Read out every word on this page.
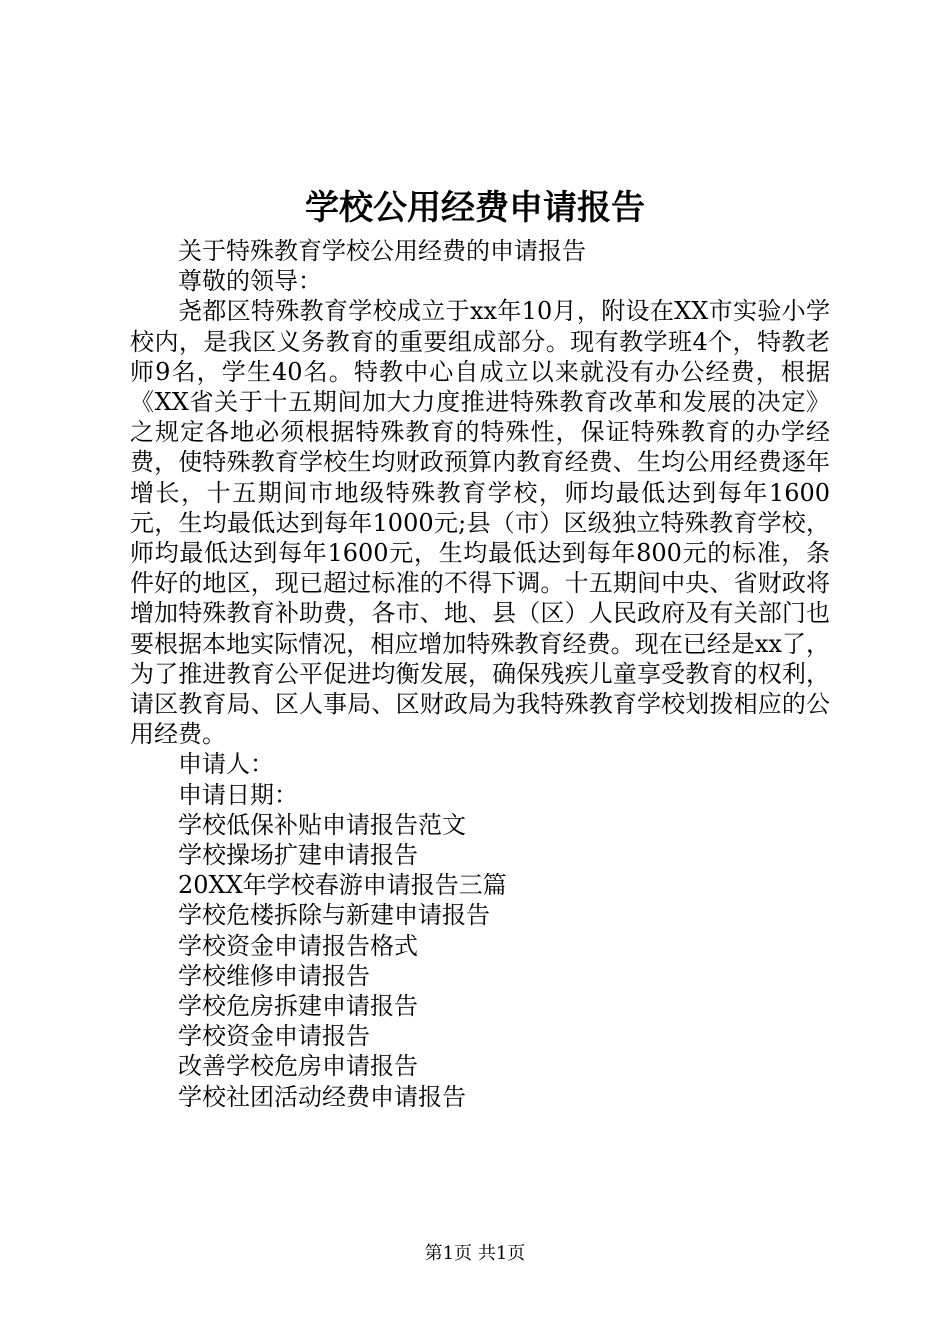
学校公用经费申请报告

关于特殊教育学校公用经费的申请报告

尊敬的领导：

尧都区特殊教育学校成立于xx年10月，附设在XX市实验小学校内，是我区义务教育的重要组成部分。现有教学班4个，特教老师9名，学生40名。特教中心自成立以来就没有办公经费，根据《XX省关于十五期间加大力度推进特殊教育改革和发展的决定》之规定各地必须根据特殊教育的特殊性，保证特殊教育的办学经费，使特殊教育学校生均财政预算内教育经费、生均公用经费逐年增长，十五期间市地级特殊教育学校，师均最低达到每年1600元，生均最低达到每年1000元;县（市）区级独立特殊教育学校，师均最低达到每年1600元，生均最低达到每年800元的标准，条件好的地区，现已超过标准的不得下调。十五期间中央、省财政将增加特殊教育补助费，各市、地、县（区）人民政府及有关部门也要根据本地实际情况，相应增加特殊教育经费。现在已经是xx了，为了推进教育公平促进均衡发展，确保残疾儿童享受教育的权利，请区教育局、区人事局、区财政局为我特殊教育学校划拨相应的公用经费。

申请人：

申请日期：

学校低保补贴申请报告范文
学校操场扩建申请报告
20XX年学校春游申请报告三篇
学校危楼拆除与新建申请报告
学校资金申请报告格式
学校维修申请报告
学校危房拆建申请报告
学校资金申请报告
改善学校危房申请报告
学校社团活动经费申请报告
第1页 共1页
